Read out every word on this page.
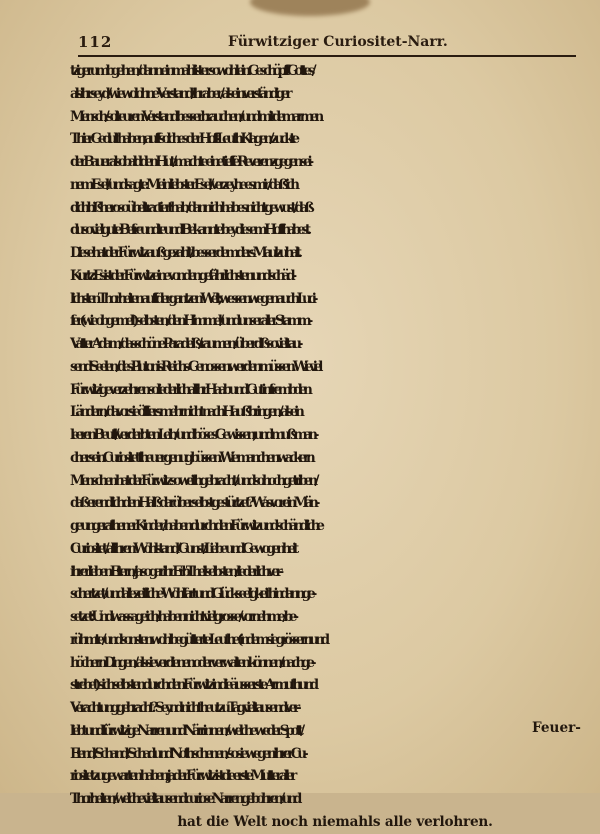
112	Fürwitziger Curiositet-Narr.
tziger umbgehen / dann einmahl ist er sowohl ein Geschöpff Gottes /
als ihr seyd / wiewol ohne Verstand / ihr aber / als ein verständiger
Mensch / solt euren Verstand besser brauchen / und mit dem armen
Thier Gedult haben; auff solches der Hoff-Leuth Klagen / zuckte
der Bauer alsobald den Hut / machte eine tieffe Reverenz gegen sei-
nem Esel / und sagte: Mein liebster Esel / verzeyhe es mir / daß ich
dich bißhero so übel tractiert hab / dann ich hab es nicht gewust / daß
du so viel gute Befreundte und Bekannte bey diesem Hoff habest.
Diese hat der Fürwitz außgezahlt / besser dem ders Maul zuhalt.
Kurtz: Es ist der Fürwitz eine von den gefährlichsten und schäd-
lichsten Thorheiten auff der gantzen Welt; wessenwegen auch Luci-
fer (wie obgemelt) selbsten / den Himmel / und unser aller Stamm-
Vatter Adam / das schöne Paradeiß / raumen / über diß soviel tau-
send Seelen / des Plutonis Reichs-Genossen werden müssen. Wieviel
Fürwitzige verzehren so liederlich all ihr Haab und Gut in frembden
Ländern / davor sie öffters mehr nicht nach Hauß bringen / als ein
leeren Beutl / verderbten Leib / und böses Gewissen; und muß man-
cher sein Curiositet theuer genug büssen. Wie manchen wackern
Menschen hat der Fürwitz so weith gebracht / und so hoch getriben /
daß er endlich den Halß darüber selbst gestürtzet? Was vor ein Män-
ge ungerathener Kinder / haben durch den Fürwitz und schändliche
Curiositet / all ihren Wohlstand / Gunst / Liebe und Gewogenheit
ihrer lieben Eltern / ja so gar ihr Erb-Theil selbsten / liederlich ver-
schertzet / und alle zeitliche Wohlfart und Glückseeligkeit hindann ge-
setzet: Und was sage ich / haben nicht viel grosse / vornehme / be-
rühmte / und sonsten wohlbegütterte Leuthe (indem sie grössern und
höchern Dingen / als sie verdienen oder verwalten können / nachge-
strebet) sich selbsten durch den Fürwitz in die äusserste Armuth und
Verachtung gebracht? Seynd nicht heut zu Tag viel tausend ver-
liebt und fürwitzige Narren und Närrinnen / welche weder Spott /
Elend / Schand / Schad und Noth schenen / so sie wegen ihrer Cu-
riositet zu gewarten haben; ja der Fürwitz ist die erste Mutter aller
Thorheiten / welche viel tausend curiose Narren gebohren / und
hat die Welt noch niemahls alle verlohren.
Feuer-
